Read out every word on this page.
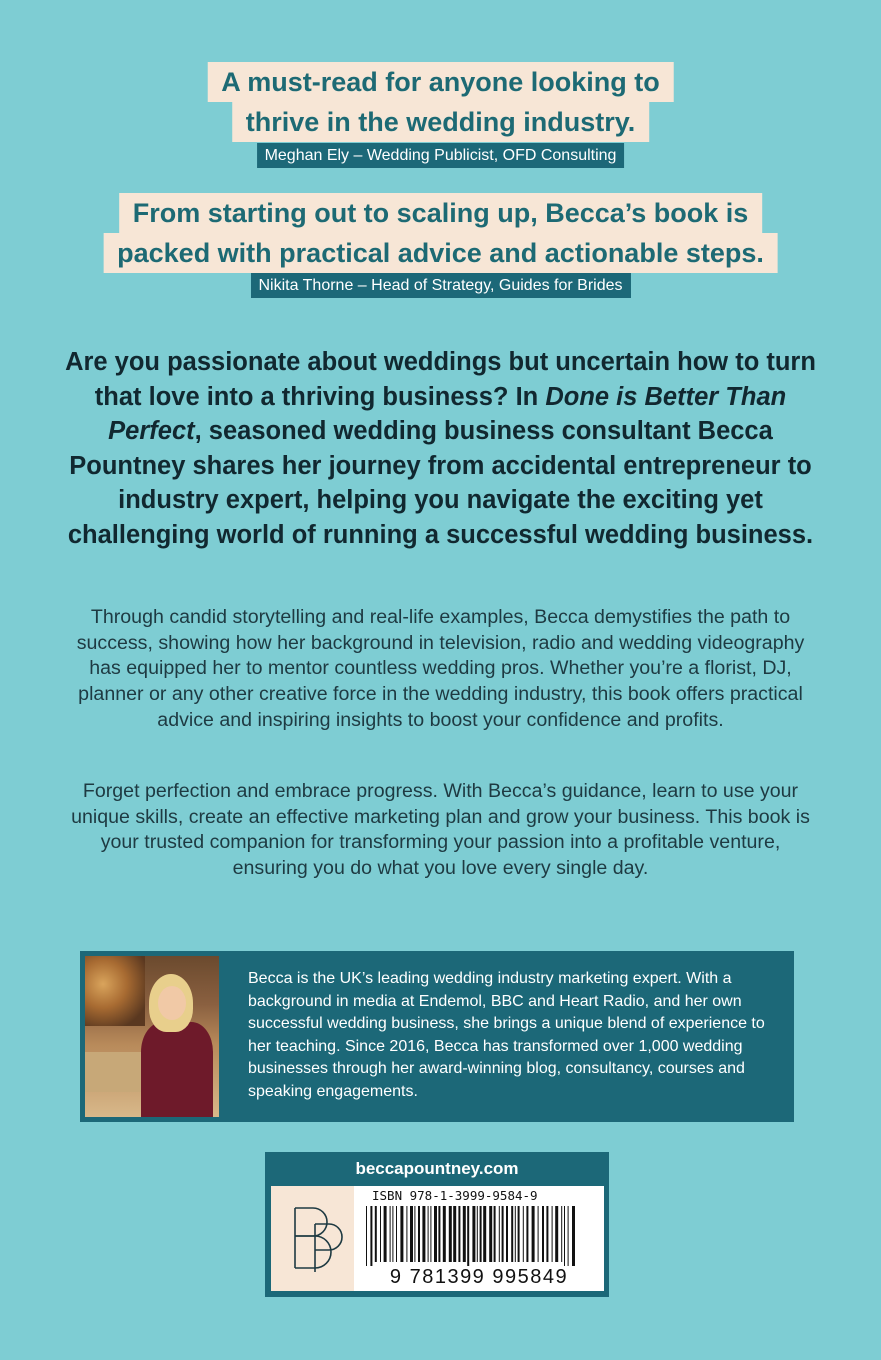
A must-read for anyone looking to
thrive in the wedding industry.
Meghan Ely – Wedding Publicist, OFD Consulting
From starting out to scaling up, Becca’s book is
packed with practical advice and actionable steps.
Nikita Thorne – Head of Strategy, Guides for Brides
Are you passionate about weddings but uncertain how to turn that love into a thriving business? In Done is Better Than Perfect, seasoned wedding business consultant Becca Pountney shares her journey from accidental entrepreneur to industry expert, helping you navigate the exciting yet challenging world of running a successful wedding business.
Through candid storytelling and real-life examples, Becca demystifies the path to success, showing how her background in television, radio and wedding videography has equipped her to mentor countless wedding pros. Whether you’re a florist, DJ, planner or any other creative force in the wedding industry, this book offers practical advice and inspiring insights to boost your confidence and profits.
Forget perfection and embrace progress. With Becca’s guidance, learn to use your unique skills, create an effective marketing plan and grow your business. This book is your trusted companion for transforming your passion into a profitable venture, ensuring you do what you love every single day.
Becca is the UK’s leading wedding industry marketing expert. With a background in media at Endemol, BBC and Heart Radio, and her own successful wedding business, she brings a unique blend of experience to her teaching. Since 2016, Becca has transformed over 1,000 wedding businesses through her award-winning blog, consultancy, courses and speaking engagements.
beccapountney.com
ISBN 978-1-3999-9584-9
9 781399 995849
